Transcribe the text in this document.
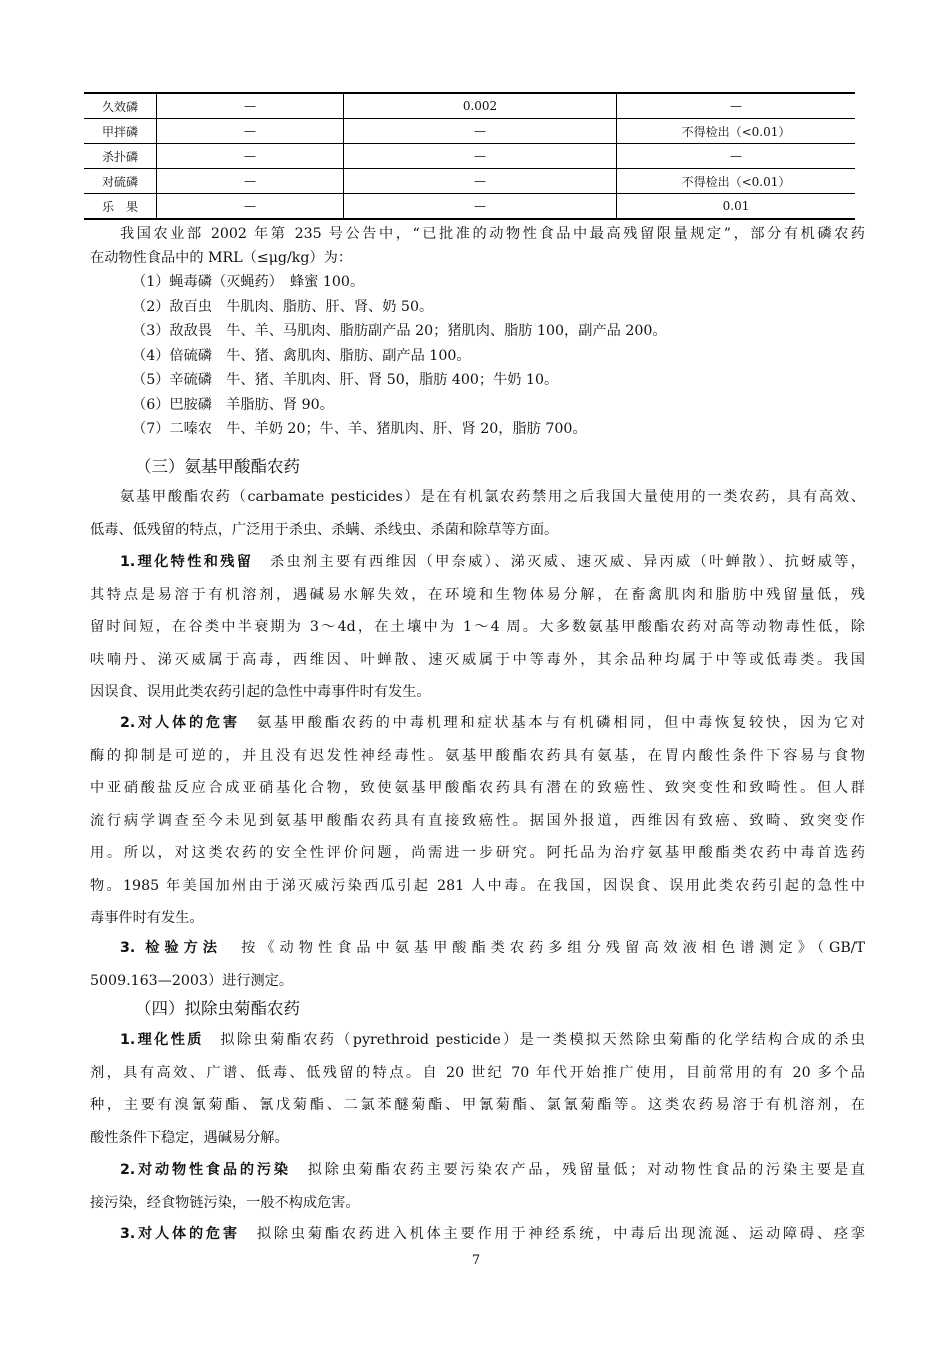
久效磷	—	0.002	—
甲拌磷	—	—	不得检出（<0.01）
杀扑磷	—	—	—
对硫磷	—	—	不得检出（<0.01）
乐　果	—	—	0.01
我国农业部 2002 年第 235 号公告中，“已批准的动物性食品中最高残留限量规定”，部分有机磷农药
在动物性食品中的 MRL（≤μg/kg）为：
（1）蝇毒磷（灭蝇药）　蜂蜜 100。
（2）敌百虫　牛肌肉、脂肪、肝、肾、奶 50。
（3）敌敌畏　牛、羊、马肌肉、脂肪副产品 20；猪肌肉、脂肪 100，副产品 200。
（4）倍硫磷　牛、猪、禽肌肉、脂肪、副产品 100。
（5）辛硫磷　牛、猪、羊肌肉、肝、肾 50，脂肪 400；牛奶 10。
（6）巴胺磷　羊脂肪、肾 90。
（7）二嗪农　牛、羊奶 20；牛、羊、猪肌肉、肝、肾 20，脂肪 700。
（三）氨基甲酸酯农药
氨基甲酸酯农药（carbamate pesticides）是在有机氯农药禁用之后我国大量使用的一类农药，具有高效、
低毒、低残留的特点，广泛用于杀虫、杀螨、杀线虫、杀菌和除草等方面。
1.理化特性和残留　杀虫剂主要有西维因（甲奈威）、涕灭威、速灭威、异丙威（叶蝉散）、抗蚜威等，
其特点是易溶于有机溶剂，遇碱易水解失效，在环境和生物体易分解，在畜禽肌肉和脂肪中残留量低，残
留时间短，在谷类中半衰期为 3～4d，在土壤中为 1～4 周。大多数氨基甲酸酯农药对高等动物毒性低，除
呋喃丹、涕灭威属于高毒，西维因、叶蝉散、速灭威属于中等毒外，其余品种均属于中等或低毒类。我国
因误食、误用此类农药引起的急性中毒事件时有发生。
2.对人体的危害　氨基甲酸酯农药的中毒机理和症状基本与有机磷相同，但中毒恢复较快，因为它对
酶的抑制是可逆的，并且没有迟发性神经毒性。氨基甲酸酯农药具有氨基，在胃内酸性条件下容易与食物
中亚硝酸盐反应合成亚硝基化合物，致使氨基甲酸酯农药具有潜在的致癌性、致突变性和致畸性。但人群
流行病学调查至今未见到氨基甲酸酯农药具有直接致癌性。据国外报道，西维因有致癌、致畸、致突变作
用。所以，对这类农药的安全性评价问题，尚需进一步研究。阿托品为治疗氨基甲酸酯类农药中毒首选药
物。1985 年美国加州由于涕灭威污染西瓜引起 281 人中毒。在我国，因误食、误用此类农药引起的急性中
毒事件时有发生。
3. 检验方法　按《动物性食品中氨基甲酸酯类农药多组分残留高效液相色谱测定》（GB/T
5009.163—2003）进行测定。
1.理化性质　拟除虫菊酯农药（pyrethroid pesticide）是一类模拟天然除虫菊酯的化学结构合成的杀虫
剂，具有高效、广谱、低毒、低残留的特点。自 20 世纪 70 年代开始推广使用，目前常用的有 20 多个品
种，主要有溴氰菊酯、氰戊菊酯、二氯苯醚菊酯、甲氰菊酯、氯氰菊酯等。这类农药易溶于有机溶剂，在
酸性条件下稳定，遇碱易分解。
2.对动物性食品的污染　拟除虫菊酯农药主要污染农产品，残留量低；对动物性食品的污染主要是直
接污染，经食物链污染，一般不构成危害。
3.对人体的危害　拟除虫菊酯农药进入机体主要作用于神经系统，中毒后出现流涎、运动障碍、痉挛
（四）拟除虫菊酯农药
7
